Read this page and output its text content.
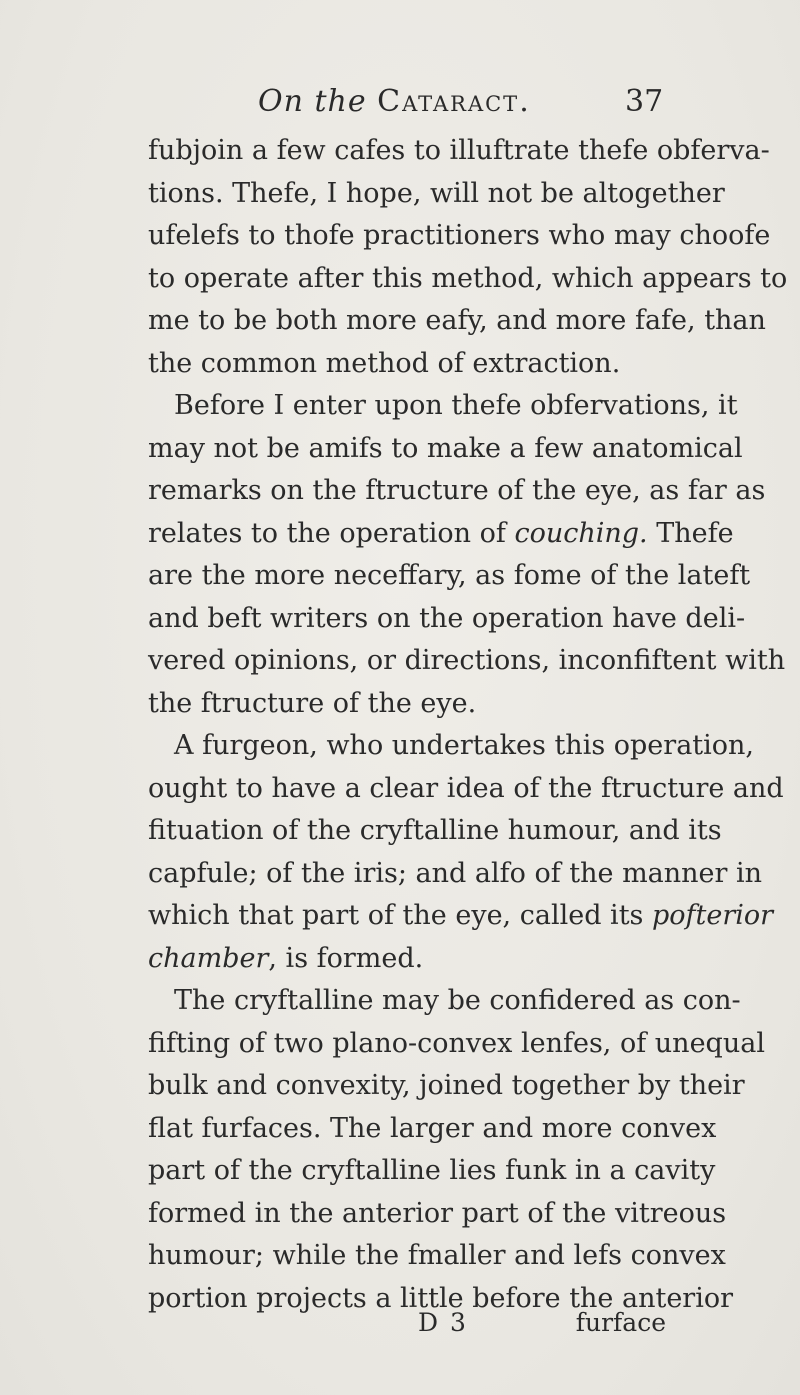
On the Cataract.	37
fubjoin a few cafes to illuftrate thefe obferva-
tions. Thefe, I hope, will not be altogether
ufelefs to thofe practitioners who may choofe
to operate after this method, which appears to
me to be both more eafy, and more fafe, than
the common method of extraction.
Before I enter upon thefe obfervations, it
may not be amifs to make a few anatomical
remarks on the ftructure of the eye, as far as
relates to the operation of couching. Thefe
are the more neceffary, as fome of the lateft
and beft writers on the operation have deli-
vered opinions, or directions, inconfiftent with
the ftructure of the eye.
A furgeon, who undertakes this operation,
ought to have a clear idea of the ftructure and
fituation of the cryftalline humour, and its
capfule; of the iris; and alfo of the manner in
which that part of the eye, called its pofterior
chamber, is formed.
The cryftalline may be confidered as con-
fifting of two plano-convex lenfes, of unequal
bulk and convexity, joined together by their
flat furfaces. The larger and more convex
part of the cryftalline lies funk in a cavity
formed in the anterior part of the vitreous
humour; while the fmaller and lefs convex
portion projects a little before the anterior
D 3	furface
